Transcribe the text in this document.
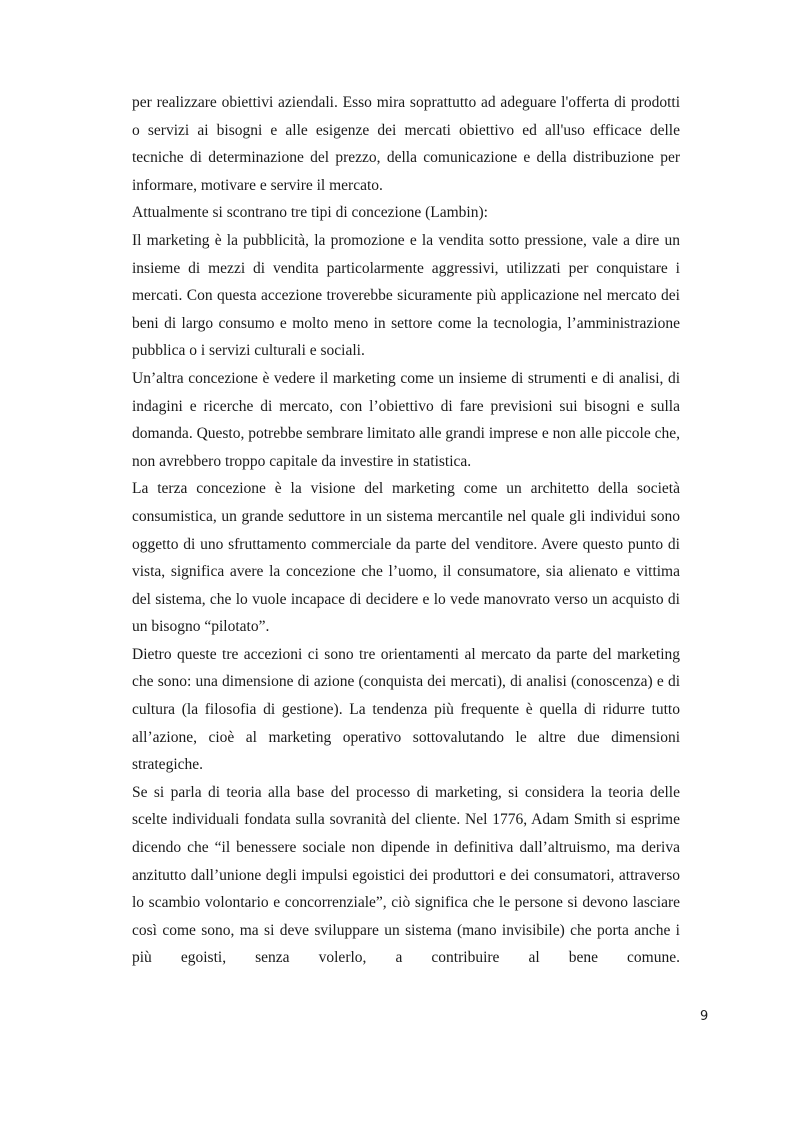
per realizzare obiettivi aziendali. Esso mira soprattutto ad adeguare l'offerta di prodotti o servizi ai bisogni e alle esigenze dei mercati obiettivo ed all'uso efficace delle tecniche di determinazione del prezzo, della comunicazione e della distribuzione per informare, motivare e servire il mercato.

Attualmente si scontrano tre tipi di concezione (Lambin):

Il marketing è la pubblicità, la promozione e la vendita sotto pressione, vale a dire un insieme di mezzi di vendita particolarmente aggressivi, utilizzati per conquistare i mercati. Con questa accezione troverebbe sicuramente più applicazione nel mercato dei beni di largo consumo e molto meno in settore come la tecnologia, l’amministrazione pubblica o i servizi culturali e sociali.

Un’altra concezione è vedere il marketing come un insieme di strumenti e di analisi, di indagini e ricerche di mercato, con l’obiettivo di fare previsioni sui bisogni e sulla domanda. Questo, potrebbe sembrare limitato alle grandi imprese e non alle piccole che, non avrebbero troppo capitale da investire in statistica.

La terza concezione è la visione del marketing come un architetto della società consumistica, un grande seduttore in un sistema mercantile nel quale gli individui sono oggetto di uno sfruttamento commerciale da parte del venditore. Avere questo punto di vista, significa avere la concezione che l’uomo, il consumatore, sia alienato e vittima del sistema, che lo vuole incapace di decidere e lo vede manovrato verso un acquisto di un bisogno “pilotato”.

Dietro queste tre accezioni ci sono tre orientamenti al mercato da parte del marketing che sono: una dimensione di azione (conquista dei mercati), di analisi (conoscenza) e di cultura (la filosofia di gestione). La tendenza più frequente è quella di ridurre tutto all’azione, cioè al marketing operativo sottovalutando le altre due dimensioni strategiche.

Se si parla di teoria alla base del processo di marketing, si considera la teoria delle scelte individuali fondata sulla sovranità del cliente. Nel 1776, Adam Smith si esprime dicendo che “il benessere sociale non dipende in definitiva dall’altruismo, ma deriva anzitutto dall’unione degli impulsi egoistici dei produttori e dei consumatori, attraverso lo scambio volontario e concorrenziale”, ciò significa che le persone si devono lasciare così come sono, ma si deve sviluppare un sistema (mano invisibile) che porta anche i più egoisti, senza volerlo, a contribuire al bene comune.

9
